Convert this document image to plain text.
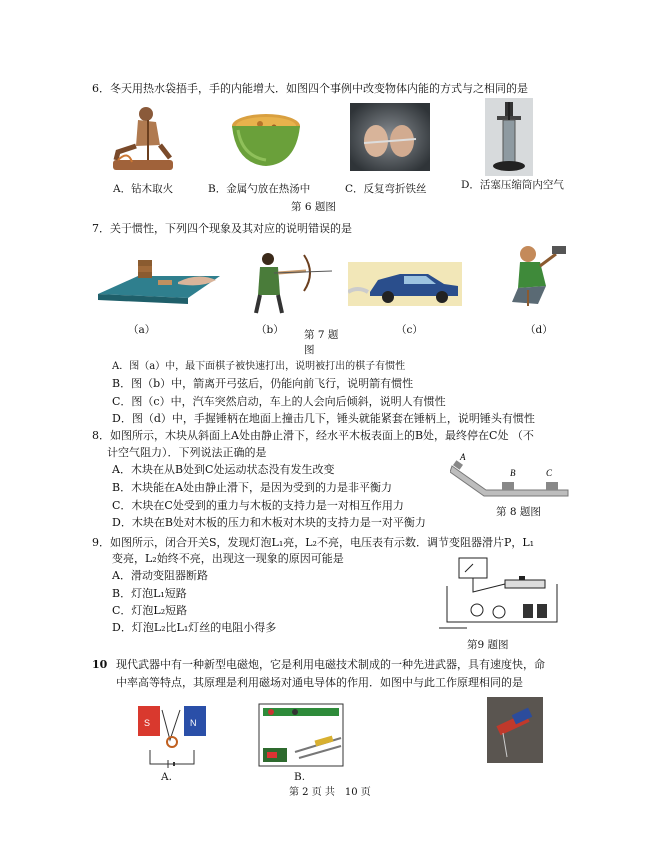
6．冬天用热水袋捂手，手的内能增大．如图四个事例中改变物体内能的方式与之相同的是
A．钻木取火	B．金属勺放在热汤中	C．反复弯折铁丝	D．活塞压缩筒内空气
第 6 题图
7．关于惯性，下列四个现象及其对应的说明错误的是
（a）	（b） 第 7 题
图
（c）	（d）
A．图（a）中，最下面棋子被快速打出，说明被打出的棋子有惯性
B．图（b）中，箭离开弓弦后，仍能向前飞行，说明箭有惯性
C．图（c）中，汽车突然启动，车上的人会向后倾斜，说明人有惯性
D．图（d）中，手握锤柄在地面上撞击几下，锤头就能紧套在锤柄上，说明锤头有惯性
8．如图所示，木块从斜面上A处由静止滑下，经水平木板表面上的B处，最终停在C处 （不
计空气阻力）．下列说法正确的是
A．木块在从B处到C处运动状态没有发生改变
B．木块能在A处由静止滑下，是因为受到的力是非平衡力
C．木块在C处受到的重力与木板的支持力是一对相互作用力
D．木块在B处对木板的压力和木板对木块的支持力是一对平衡力
A
B	C
第 8 题图
9．如图所示，闭合开关S，发现灯泡L₁亮，L₂不亮，电压表有示数．调节变阻器滑片P，L₁
变亮，L₂始终不亮，出现这一现象的原因可能是
A．滑动变阻器断路
B．灯泡L₁短路
C．灯泡L₂短路
D．灯泡L₂比L₁灯丝的电阻小得多
第9 题图
10 现代武器中有一种新型电磁炮，它是利用电磁技术制成的一种先进武器，具有速度快，命
中率高等特点，其原理是利用磁场对通电导体的作用．如图中与此工作原理相同的是
S	N
A.	B.
第 2 页 共　10 页
